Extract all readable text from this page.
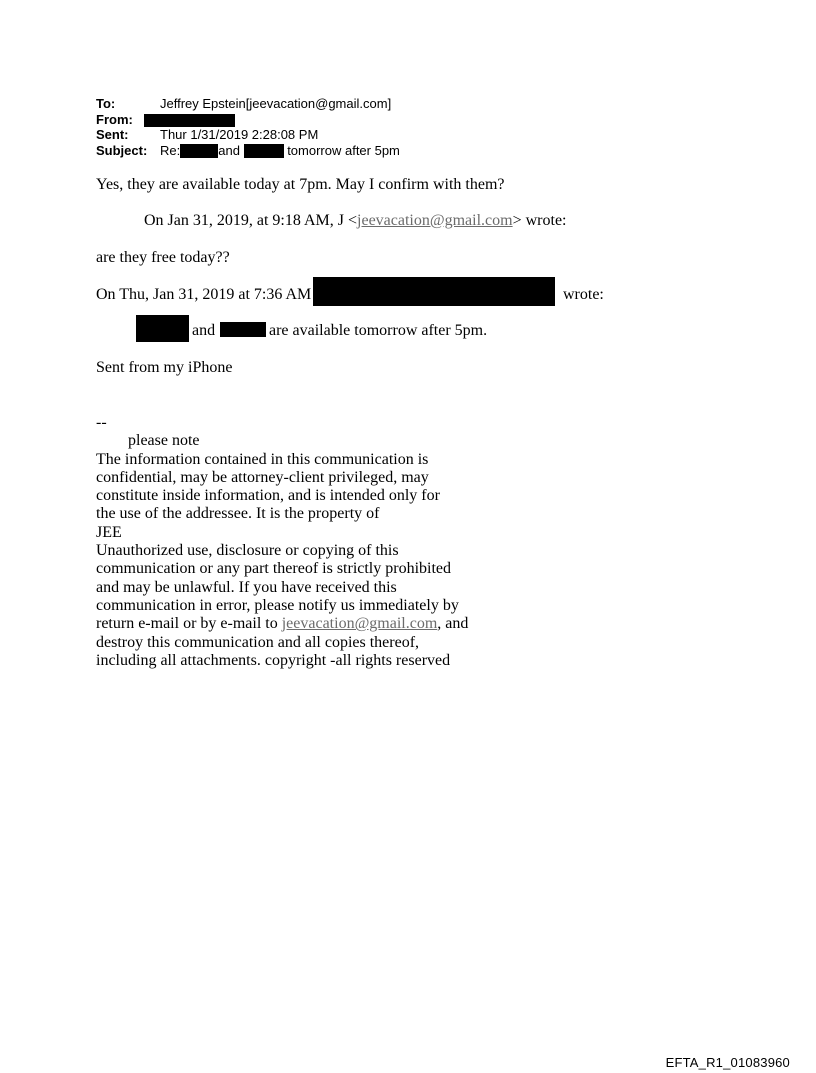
To:	Jeffrey Epstein[jeevacation@gmail.com]
From:
Sent: Thur 1/31/2019 2:28:08 PM
Subject: Re:	and	tomorrow after 5pm
Yes, they are available today at 7pm. May I confirm with them?
On Jan 31, 2019, at 9:18 AM, J <jeevacation@gmail.com> wrote:
are they free today??
On Thu, Jan 31, 2019 at 7:36 AM	wrote:
and	are available tomorrow after 5pm.
Sent from my iPhone
--
please note
The information contained in this communication is
confidential, may be attorney-client privileged, may
constitute inside information, and is intended only for
the use of the addressee. It is the property of
JEE
Unauthorized use, disclosure or copying of this
communication or any part thereof is strictly prohibited
and may be unlawful. If you have received this
communication in error, please notify us immediately by
return e-mail or by e-mail to jeevacation@gmail.com, and
destroy this communication and all copies thereof,
including all attachments. copyright -all rights reserved
EFTA_R1_01083960
